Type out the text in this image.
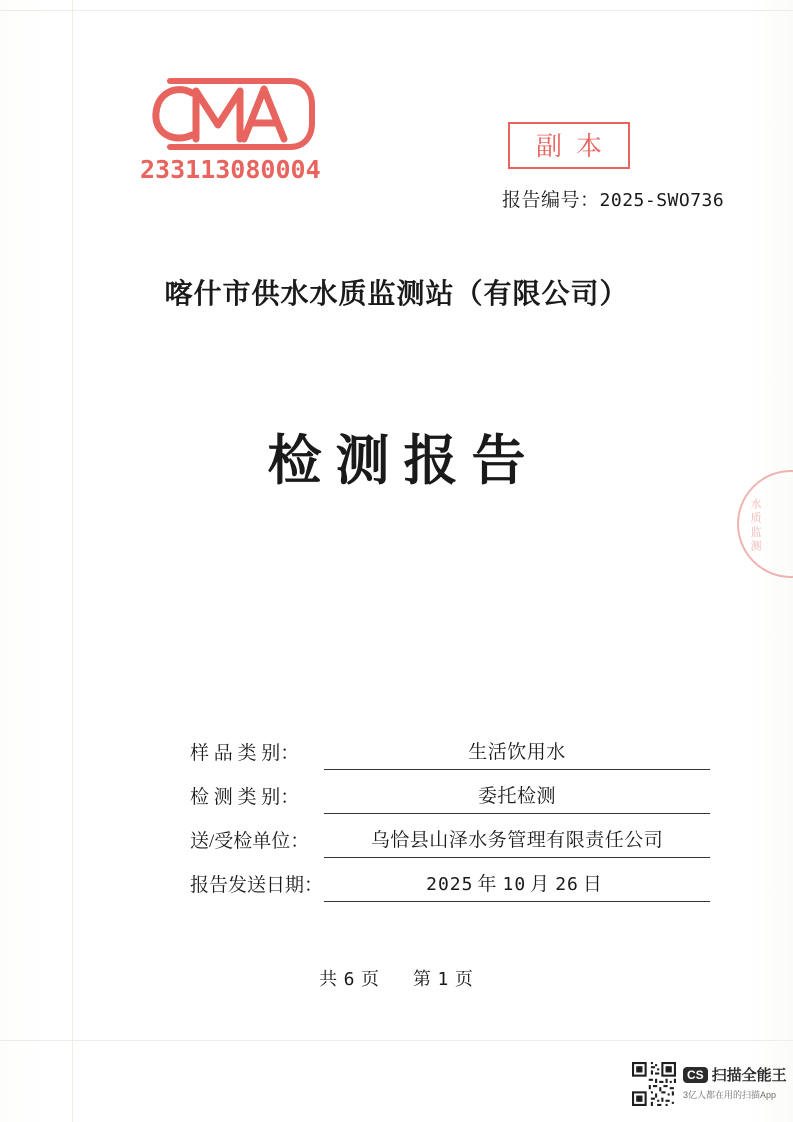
233113080004
副本
报告编号：2025-SWO736
喀什市供水水质监测站（有限公司）
检测报告
水质监测
样 品 类 别：	生活饮用水
检 测 类 别：	委托检测
送/受检单位：	乌恰县山泽水务管理有限责任公司
报告发送日期：	2025 年 10 月 26 日
共 6 页 第 1 页
CS 扫描全能王
3亿人都在用的扫描App
